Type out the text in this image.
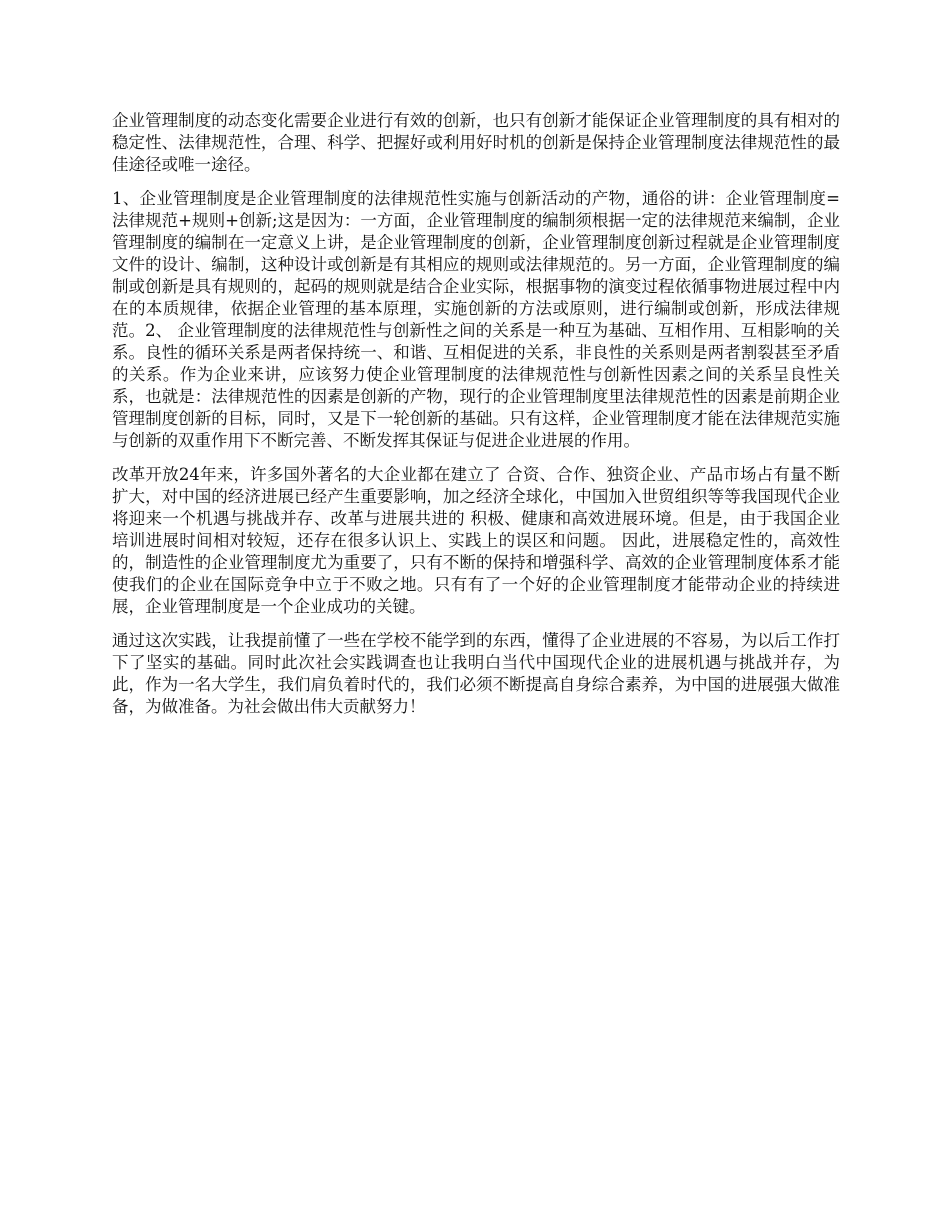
企业管理制度的动态变化需要企业进行有效的创新，也只有创新才能保证企业管理制度的具有相对的稳定性、法律规范性，合理、科学、把握好或利用好时机的创新是保持企业管理制度法律规范性的最佳途径或唯一途径。

1、企业管理制度是企业管理制度的法律规范性实施与创新活动的产物，通俗的讲：企业管理制度=法律规范+规则+创新;这是因为：一方面，企业管理制度的编制须根据一定的法律规范来编制，企业管理制度的编制在一定意义上讲，是企业管理制度的创新，企业管理制度创新过程就是企业管理制度文件的设计、编制，这种设计或创新是有其相应的规则或法律规范的。另一方面，企业管理制度的编制或创新是具有规则的，起码的规则就是结合企业实际，根据事物的演变过程依循事物进展过程中内在的本质规律，依据企业管理的基本原理，实施创新的方法或原则，进行编制或创新，形成法律规范。2、 企业管理制度的法律规范性与创新性之间的关系是一种互为基础、互相作用、互相影响的关系。良性的循环关系是两者保持统一、和谐、互相促进的关系，非良性的关系则是两者割裂甚至矛盾的关系。作为企业来讲，应该努力使企业管理制度的法律规范性与创新性因素之间的关系呈良性关系，也就是：法律规范性的因素是创新的产物，现行的企业管理制度里法律规范性的因素是前期企业管理制度创新的目标，同时，又是下一轮创新的基础。只有这样，企业管理制度才能在法律规范实施与创新的双重作用下不断完善、不断发挥其保证与促进企业进展的作用。

改革开放24年来，许多国外著名的大企业都在建立了 合资、合作、独资企业、产品市场占有量不断扩大，对中国的经济进展已经产生重要影响，加之经济全球化，中国加入世贸组织等等我国现代企业将迎来一个机遇与挑战并存、改革与进展共进的 积极、健康和高效进展环境。但是，由于我国企业培训进展时间相对较短，还存在很多认识上、实践上的误区和问题。 因此，进展稳定性的，高效性的，制造性的企业管理制度尤为重要了，只有不断的保持和增强科学、高效的企业管理制度体系才能使我们的企业在国际竞争中立于不败之地。只有有了一个好的企业管理制度才能带动企业的持续进展，企业管理制度是一个企业成功的关键。

通过这次实践，让我提前懂了一些在学校不能学到的东西，懂得了企业进展的不容易，为以后工作打下了坚实的基础。同时此次社会实践调查也让我明白当代中国现代企业的进展机遇与挑战并存，为此，作为一名大学生，我们肩负着时代的，我们必须不断提高自身综合素养，为中国的进展强大做准备，为做准备。为社会做出伟大贡献努力！
